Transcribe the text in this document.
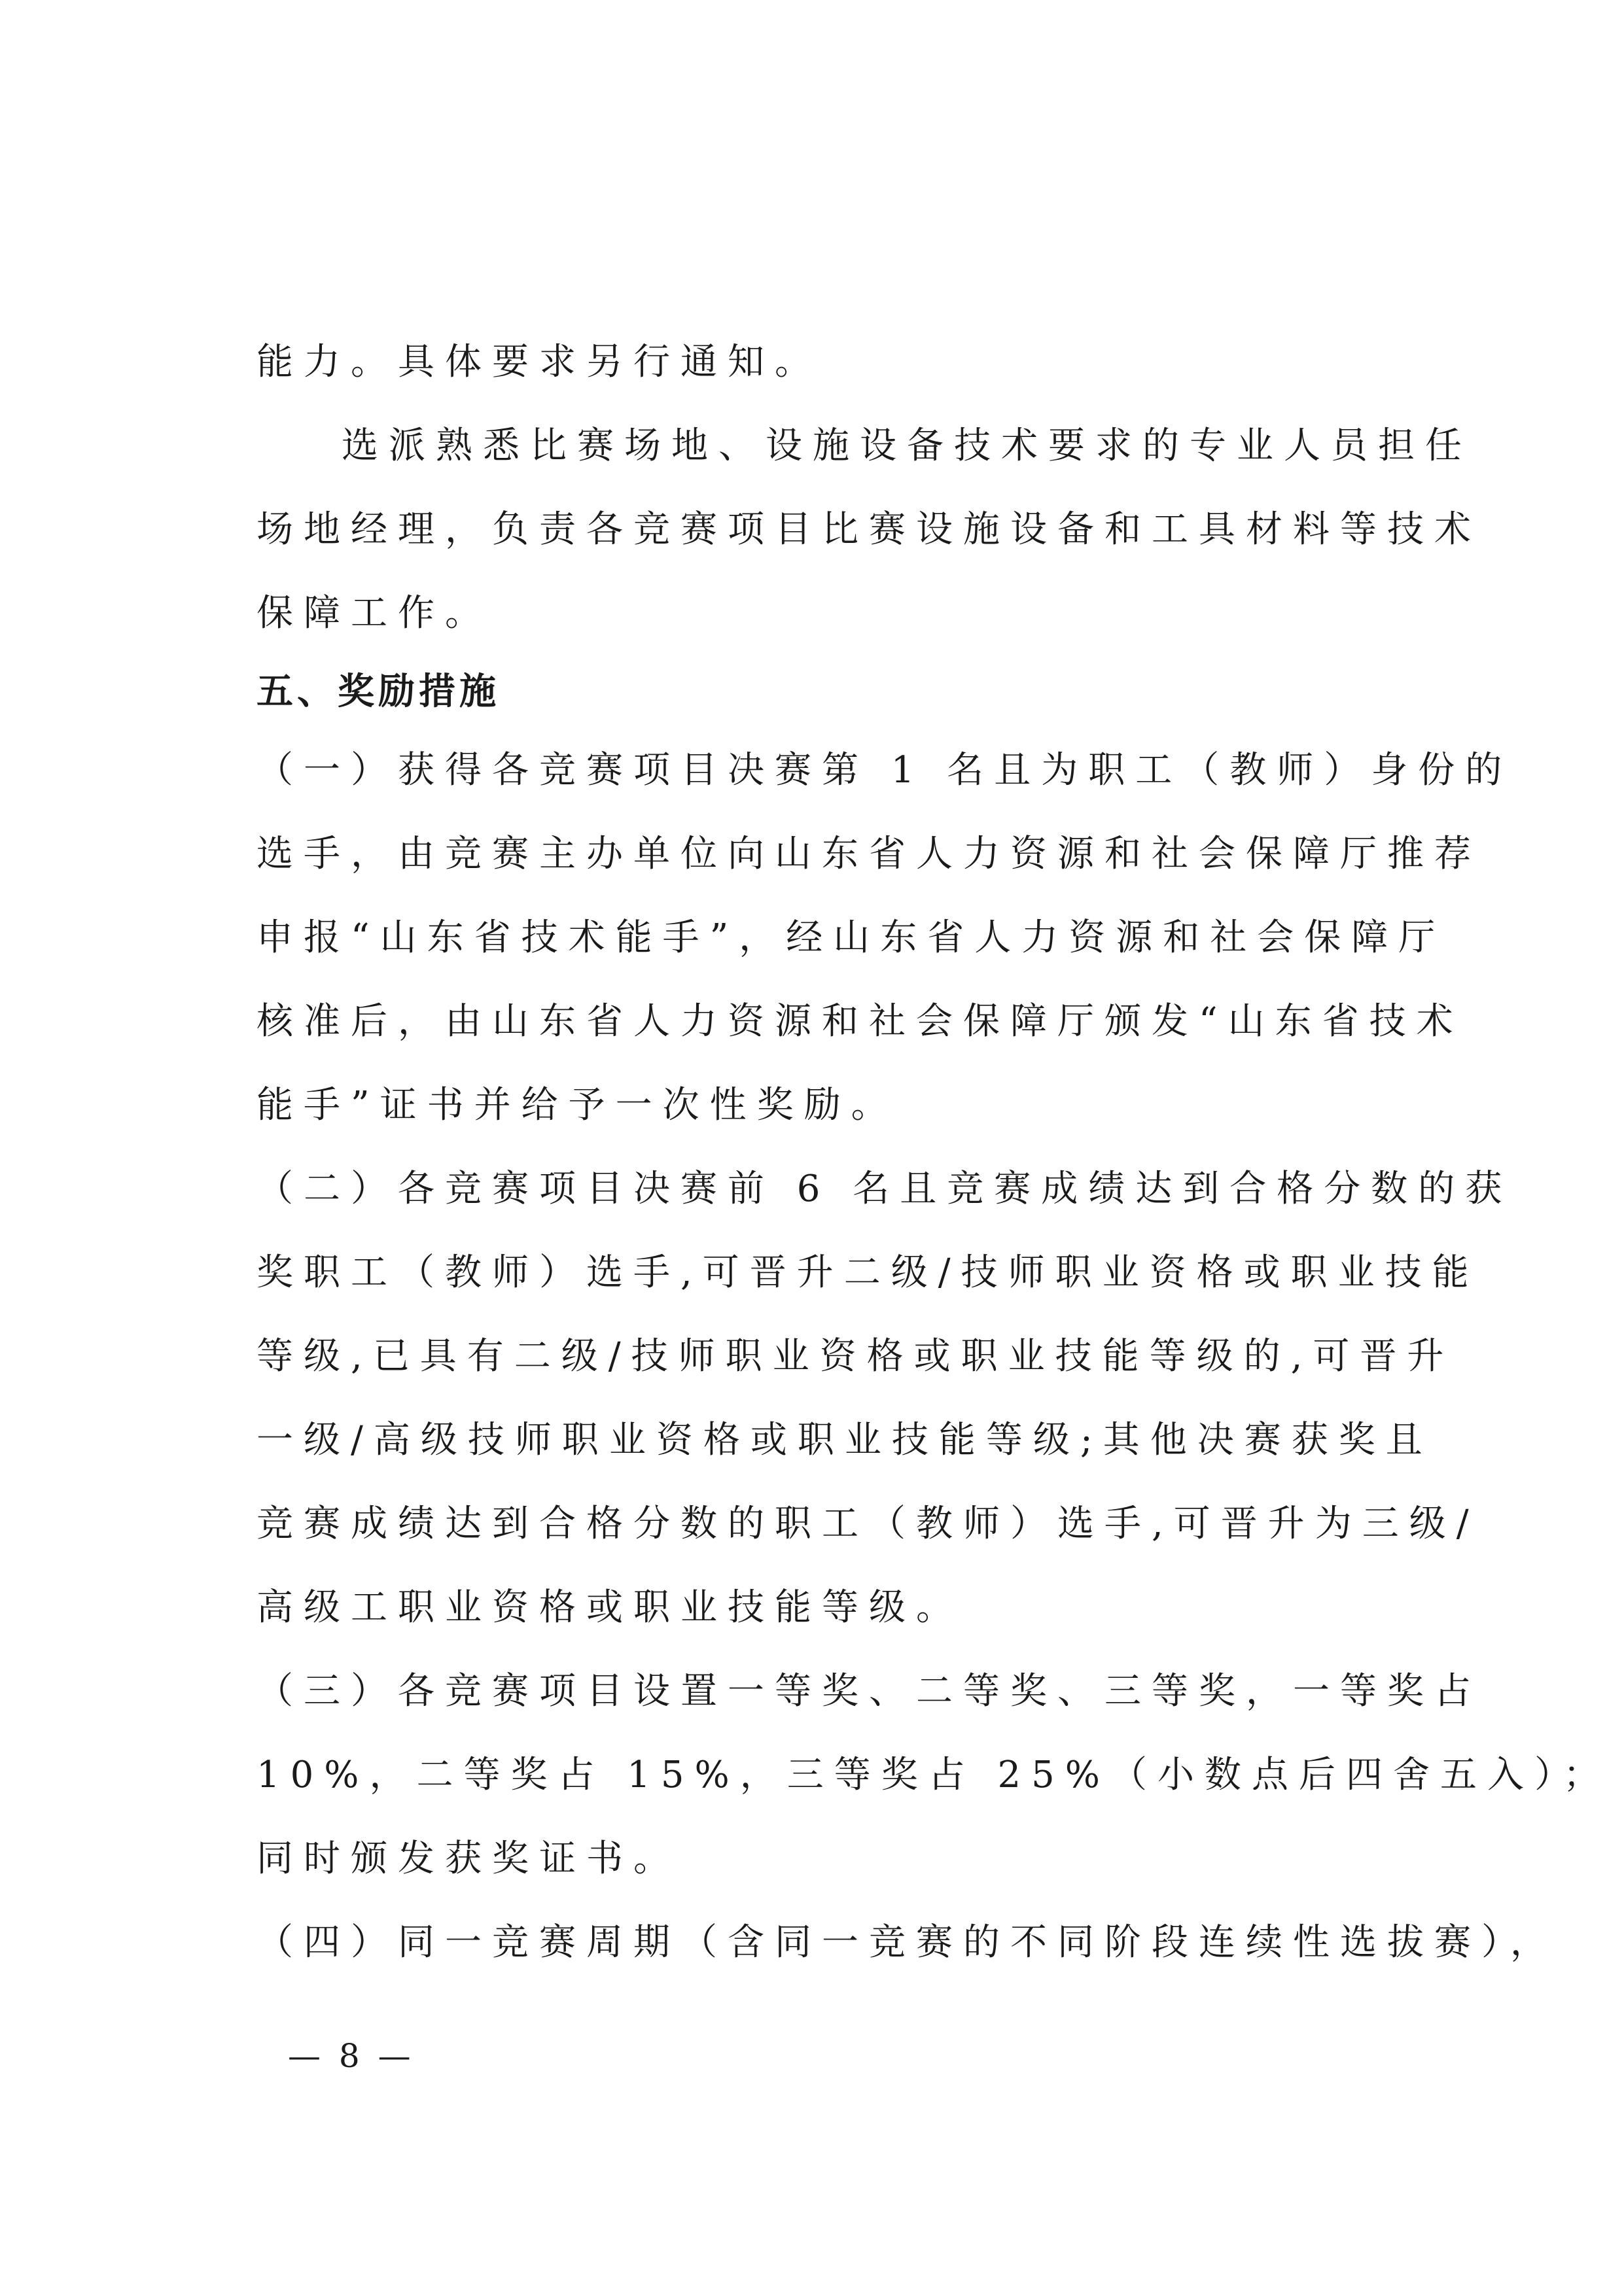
能力。具体要求另行通知。
选派熟悉比赛场地、设施设备技术要求的专业人员担任
场地经理，负责各竞赛项目比赛设施设备和工具材料等技术
保障工作。
五、奖励措施
（一）获得各竞赛项目决赛第 1 名且为职工（教师）身份的
选手，由竞赛主办单位向山东省人力资源和社会保障厅推荐
申报“山东省技术能手”，经山东省人力资源和社会保障厅
核准后，由山东省人力资源和社会保障厅颁发“山东省技术
能手”证书并给予一次性奖励。
（二）各竞赛项目决赛前 6 名且竞赛成绩达到合格分数的获
奖职工（教师）选手,可晋升二级/技师职业资格或职业技能
等级,已具有二级/技师职业资格或职业技能等级的,可晋升
一级/高级技师职业资格或职业技能等级;其他决赛获奖且
竞赛成绩达到合格分数的职工（教师）选手,可晋升为三级/
高级工职业资格或职业技能等级。
（三）各竞赛项目设置一等奖、二等奖、三等奖，一等奖占
10%，二等奖占 15%，三等奖占 25%（小数点后四舍五入）；
同时颁发获奖证书。
（四）同一竞赛周期（含同一竞赛的不同阶段连续性选拔赛），
— 8 —
